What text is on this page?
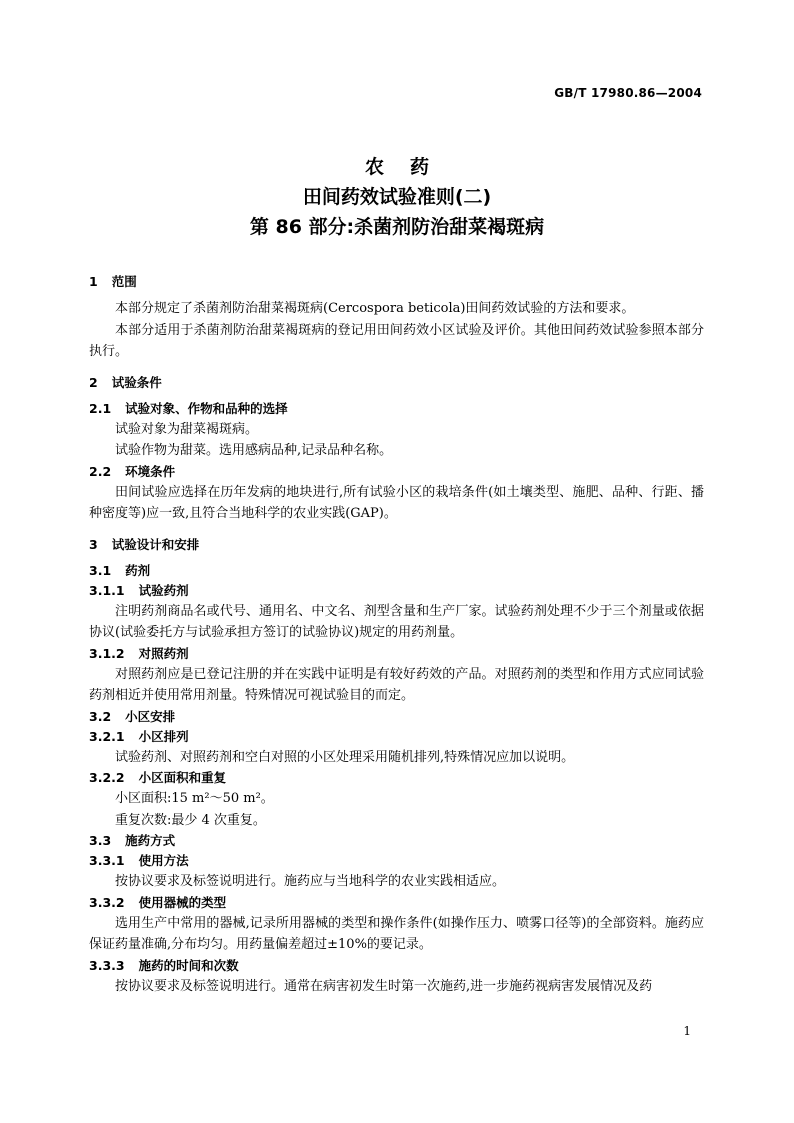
GB/T 17980.86—2004
农药
田间药效试验准则(二)
第 86 部分:杀菌剂防治甜菜褐斑病
1 范围

本部分规定了杀菌剂防治甜菜褐斑病(Cercospora beticola)田间药效试验的方法和要求。

本部分适用于杀菌剂防治甜菜褐斑病的登记用田间药效小区试验及评价。其他田间药效试验参照本部分执行。

2 试验条件
2.1 试验对象、作物和品种的选择

试验对象为甜菜褐斑病。

试验作物为甜菜。选用感病品种,记录品种名称。

2.2 环境条件

田间试验应选择在历年发病的地块进行,所有试验小区的栽培条件(如土壤类型、施肥、品种、行距、播种密度等)应一致,且符合当地科学的农业实践(GAP)。

3 试验设计和安排
3.1 药剂
3.1.1 试验药剂

注明药剂商品名或代号、通用名、中文名、剂型含量和生产厂家。试验药剂处理不少于三个剂量或依据协议(试验委托方与试验承担方签订的试验协议)规定的用药剂量。

3.1.2 对照药剂

对照药剂应是已登记注册的并在实践中证明是有较好药效的产品。对照药剂的类型和作用方式应同试验药剂相近并使用常用剂量。特殊情况可视试验目的而定。

3.2 小区安排
3.2.1 小区排列

试验药剂、对照药剂和空白对照的小区处理采用随机排列,特殊情况应加以说明。

3.2.2 小区面积和重复

小区面积:15 m²～50 m²。

重复次数:最少 4 次重复。

3.3 施药方式
3.3.1 使用方法

按协议要求及标签说明进行。施药应与当地科学的农业实践相适应。

3.3.2 使用器械的类型

选用生产中常用的器械,记录所用器械的类型和操作条件(如操作压力、喷雾口径等)的全部资料。施药应保证药量准确,分布均匀。用药量偏差超过±10%的要记录。

3.3.3 施药的时间和次数

按协议要求及标签说明进行。通常在病害初发生时第一次施药,进一步施药视病害发展情况及药

1
